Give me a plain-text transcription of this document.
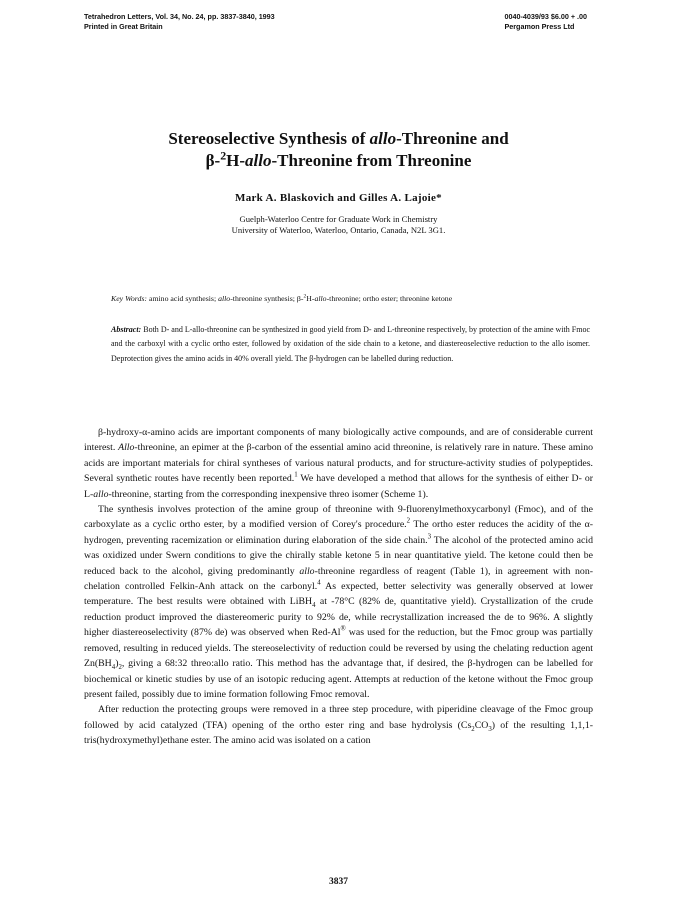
Tetrahedron Letters, Vol. 34, No. 24, pp. 3837-3840, 1993
Printed in Great Britain
0040-4039/93 $6.00 + .00
Pergamon Press Ltd
Stereoselective Synthesis of allo-Threonine and
β-$^2$H-allo-Threonine from Threonine
Mark A. Blaskovich and Gilles A. Lajoie*
Guelph-Waterloo Centre for Graduate Work in Chemistry
University of Waterloo, Waterloo, Ontario, Canada, N2L 3G1.
Key Words: amino acid synthesis; allo-threonine synthesis; β-$^2$H-allo-threonine; ortho ester; threonine ketone
Abstract: Both D- and L-allo-threonine can be synthesized in good yield from D- and L-threonine respectively, by protection of the amine with Fmoc and the carboxyl with a cyclic ortho ester, followed by oxidation of the side chain to a ketone, and diastereoselective reduction to the allo isomer. Deprotection gives the amino acids in 40% overall yield. The β-hydrogen can be labelled during reduction.

β-hydroxy-α-amino acids are important components of many biologically active compounds, and are of considerable current interest. Allo-threonine, an epimer at the β-carbon of the essential amino acid threonine, is relatively rare in nature. These amino acids are important materials for chiral syntheses of various natural products, and for structure-activity studies of polypeptides. Several synthetic routes have recently been reported.$^1$ We have developed a method that allows for the synthesis of either D- or L-allo-threonine, starting from the corresponding inexpensive threo isomer (Scheme 1).

The synthesis involves protection of the amine group of threonine with 9-fluorenylmethoxycarbonyl (Fmoc), and of the carboxylate as a cyclic ortho ester, by a modified version of Corey's procedure.$^2$ The ortho ester reduces the acidity of the α-hydrogen, preventing racemization or elimination during elaboration of the side chain.$^3$ The alcohol of the protected amino acid was oxidized under Swern conditions to give the chirally stable ketone 5 in near quantitative yield. The ketone could then be reduced back to the alcohol, giving predominantly allo-threonine regardless of reagent (Table 1), in agreement with non-chelation controlled Felkin-Anh attack on the carbonyl.$^4$ As expected, better selectivity was generally observed at lower temperature. The best results were obtained with LiBH$_4$ at -78°C (82% de, quantitative yield). Crystallization of the crude reduction product improved the diastereomeric purity to 92% de, while recrystallization increased the de to 96%. A slightly higher diastereoselectivity (87% de) was observed when Red-Al® was used for the reduction, but the Fmoc group was partially removed, resulting in reduced yields. The stereoselectivity of reduction could be reversed by using the chelating reduction agent $Zn(BH_4)_2$, giving a 68:32 threo:allo ratio. This method has the advantage that, if desired, the β-hydrogen can be labelled for biochemical or kinetic studies by use of an isotopic reducing agent. Attempts at reduction of the ketone without the Fmoc group present failed, possibly due to imine formation following Fmoc removal.

After reduction the protecting groups were removed in a three step procedure, with piperidine cleavage of the Fmoc group followed by acid catalyzed (TFA) opening of the ortho ester ring and base hydrolysis $(Cs_2CO_3)$ of the resulting 1,1,1-tris(hydroxymethyl)ethane ester. The amino acid was isolated on a cation

3837
